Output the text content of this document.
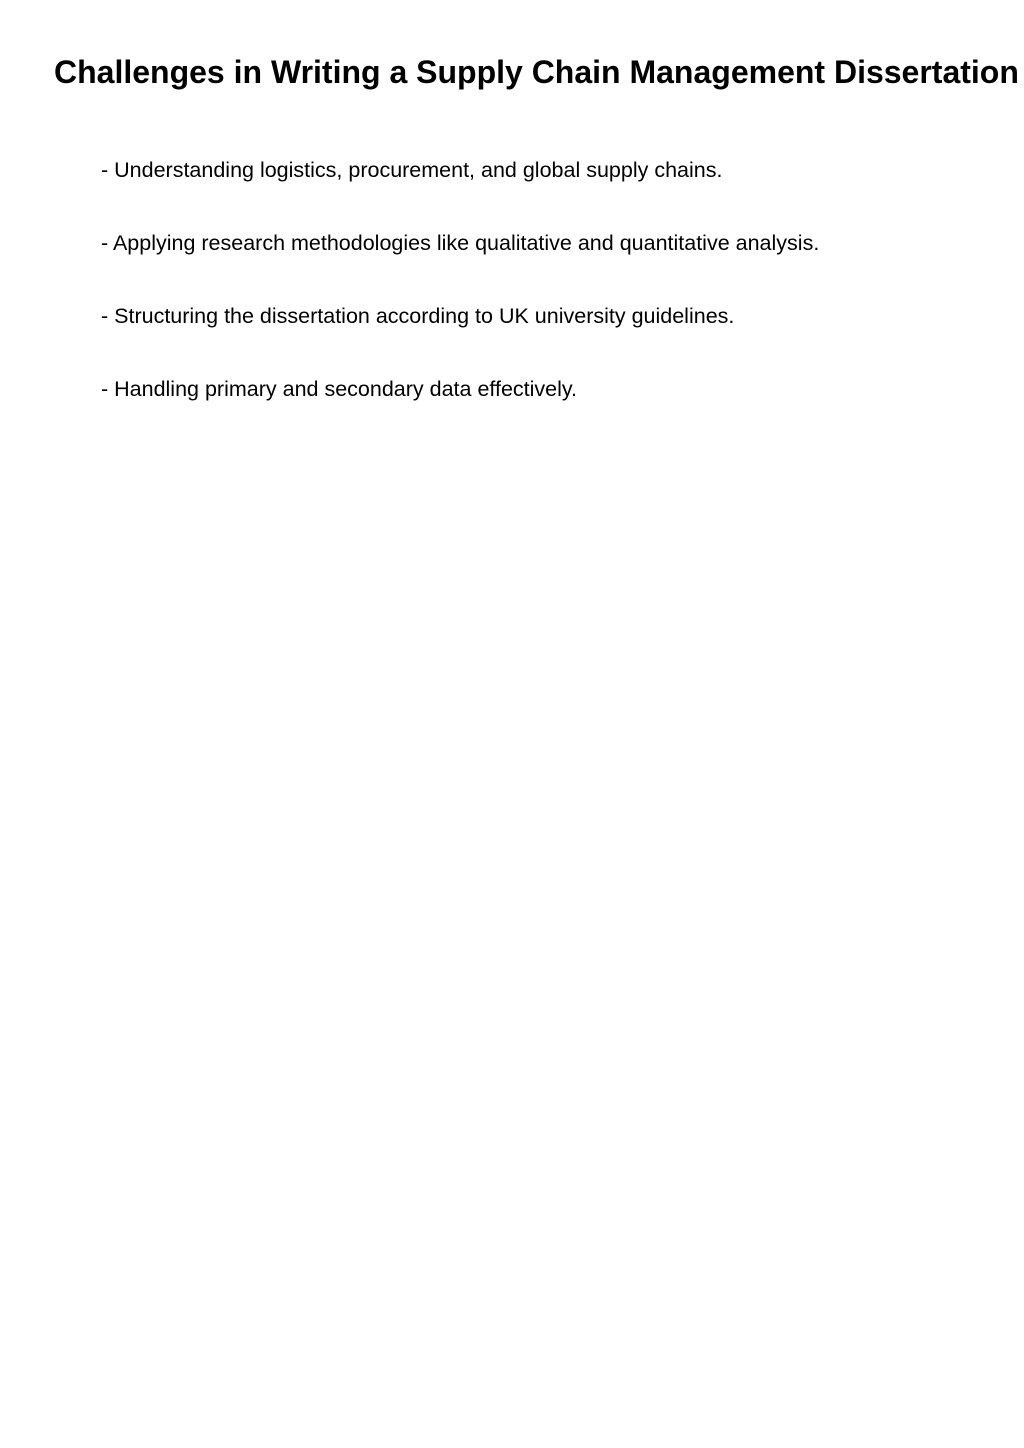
Challenges in Writing a Supply Chain Management Dissertation
- Understanding logistics, procurement, and global supply chains.
- Applying research methodologies like qualitative and quantitative analysis.
- Structuring the dissertation according to UK university guidelines.
- Handling primary and secondary data effectively.
